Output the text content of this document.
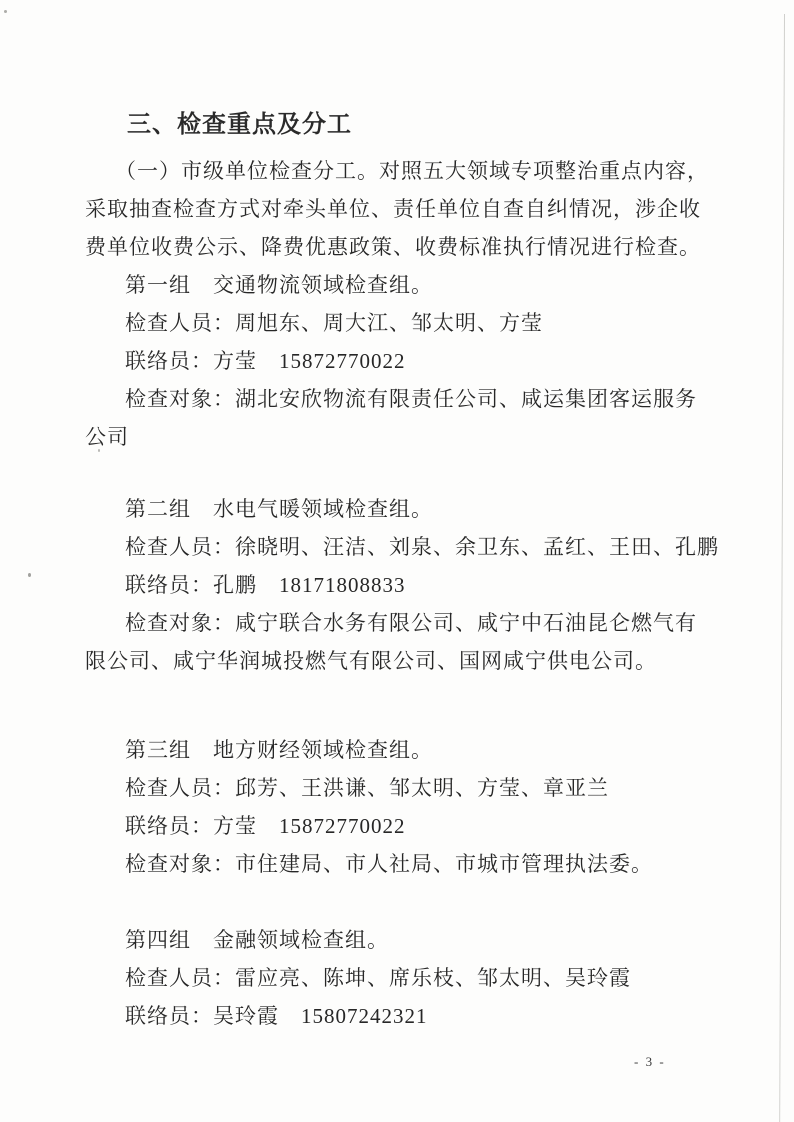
三、检查重点及分工

（一）市级单位检查分工。对照五大领域专项整治重点内容，

采取抽查检查方式对牵头单位、责任单位自查自纠情况，涉企收

费单位收费公示、降费优惠政策、收费标准执行情况进行检查。

第一组　交通物流领域检查组。

检查人员：周旭东、周大江、邹太明、方莹

联络员：方莹　15872770022

检查对象：湖北安欣物流有限责任公司、咸运集团客运服务

公司

第二组　水电气暖领域检查组。

检查人员：徐晓明、汪洁、刘泉、余卫东、孟红、王田、孔鹏

联络员：孔鹏　18171808833

检查对象：咸宁联合水务有限公司、咸宁中石油昆仑燃气有

限公司、咸宁华润城投燃气有限公司、国网咸宁供电公司。

第三组　地方财经领域检查组。

检查人员：邱芳、王洪谦、邹太明、方莹、章亚兰

联络员：方莹　15872770022

检查对象：市住建局、市人社局、市城市管理执法委。

第四组　金融领域检查组。

检查人员：雷应亮、陈坤、席乐枝、邹太明、吴玲霞

联络员：吴玲霞　15807242321

- 3 -
